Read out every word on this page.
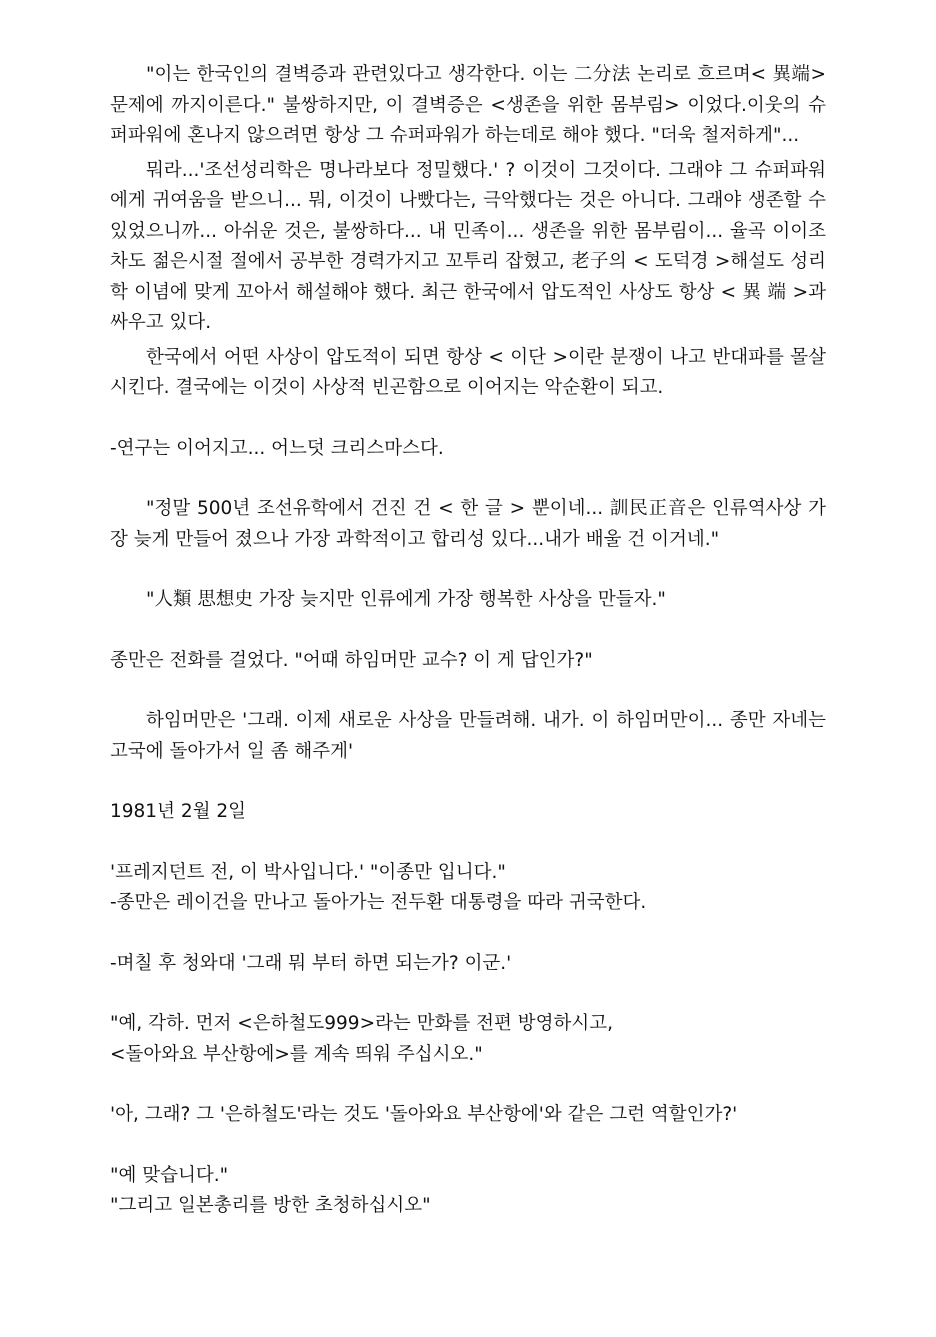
"이는 한국인의 결벽증과 관련있다고 생각한다. 이는 二分法 논리로 흐르며< 異端> 문제에 까지이른다." 불쌍하지만, 이 결벽증은 <생존을 위한 몸부림> 이었다.이웃의 슈퍼파워에 혼나지 않으려면 항상 그 슈퍼파워가 하는데로 해야 했다. "더욱 철저하게"...

뭐라...'조선성리학은 명나라보다 정밀했다.' ? 이것이 그것이다. 그래야 그 슈퍼파워에게 귀여움을 받으니... 뭐, 이것이 나빴다는, 극악했다는 것은 아니다. 그래야 생존할 수 있었으니까... 아쉬운 것은, 불쌍하다... 내 민족이... 생존을 위한 몸부림이... 율곡 이이조차도 젊은시절 절에서 공부한 경력가지고 꼬투리 잡혔고, 老子의 < 도덕경 >해설도 성리학 이념에 맞게 꼬아서 해설해야 했다. 최근 한국에서 압도적인 사상도 항상 < 異 端 >과 싸우고 있다.

한국에서 어떤 사상이 압도적이 되면 항상 < 이단 >이란 분쟁이 나고 반대파를 몰살시킨다. 결국에는 이것이 사상적 빈곤함으로 이어지는 악순환이 되고.

-연구는 이어지고... 어느덧 크리스마스다.

"정말 500년 조선유학에서 건진 건 < 한 글 > 뿐이네... 訓民正音은 인류역사상 가장 늦게 만들어 졌으나 가장 과학적이고 합리성 있다...내가 배울 건 이거네."

"人類 思想史 가장 늦지만 인류에게 가장 행복한 사상을 만들자."

종만은 전화를 걸었다. "어때 하임머만 교수? 이 게 답인가?"

하임머만은 '그래. 이제 새로운 사상을 만들려해. 내가. 이 하임머만이... 종만 자네는 고국에 돌아가서 일 좀 해주게'

1981년 2월 2일

'프레지던트 전, 이 박사입니다.' "이종만 입니다."

-종만은 레이건을 만나고 돌아가는 전두환 대통령을 따라 귀국한다.

-며칠 후 청와대 '그래 뭐 부터 하면 되는가? 이군.'

"예, 각하. 먼저 <은하철도999>라는 만화를 전편 방영하시고,

<돌아와요 부산항에>를 계속 띄워 주십시오."

'아, 그래? 그 '은하철도'라는 것도 '돌아와요 부산항에'와 같은 그런 역할인가?'

"예 맞습니다."

"그리고 일본총리를 방한 초청하십시오"
